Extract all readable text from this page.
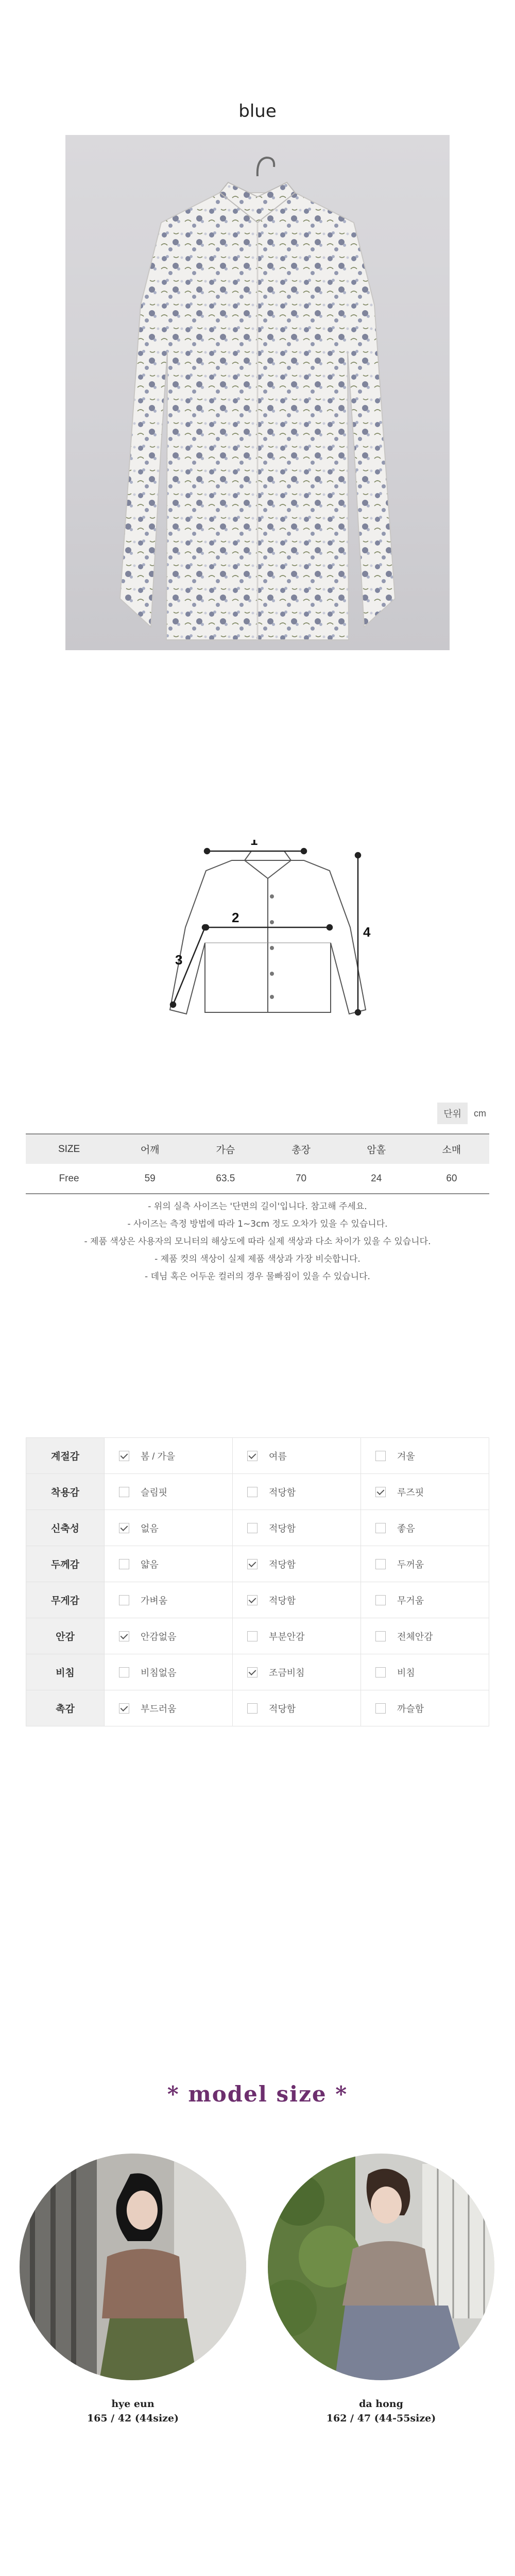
blue
1
2
3
4
단위	cm
SIZE	어깨	가슴	총장	암홀	소매
Free	59	63.5	70	24	60
- 위의 실측 사이즈는 '단면의 길이'입니다. 참고해 주세요.
- 사이즈는 측정 방법에 따라 1~3cm 정도 오차가 있을 수 있습니다.
- 제품 색상은 사용자의 모니터의 해상도에 따라 실제 색상과 다소 차이가 있을 수 있습니다.
- 제품 컷의 색상이 실제 제품 색상과 가장 비슷합니다.
- 데님 혹은 어두운 컬러의 경우 물빠짐이 있을 수 있습니다.
계절감	봄 / 가을	여름	겨울
착용감	슬림핏	적당함	루즈핏
신축성	없음	적당함	좋음
두께감	얇음	적당함	두꺼움
무게감	가벼움	적당함	무거움
안감	안감없음	부분안감	전체안감
비침	비침없음	조금비침	비침
촉감	부드러움	적당함	까슬함
* model size *
hye eun
165 / 42 (44size)
da hong
162 / 47 (44-55size)
